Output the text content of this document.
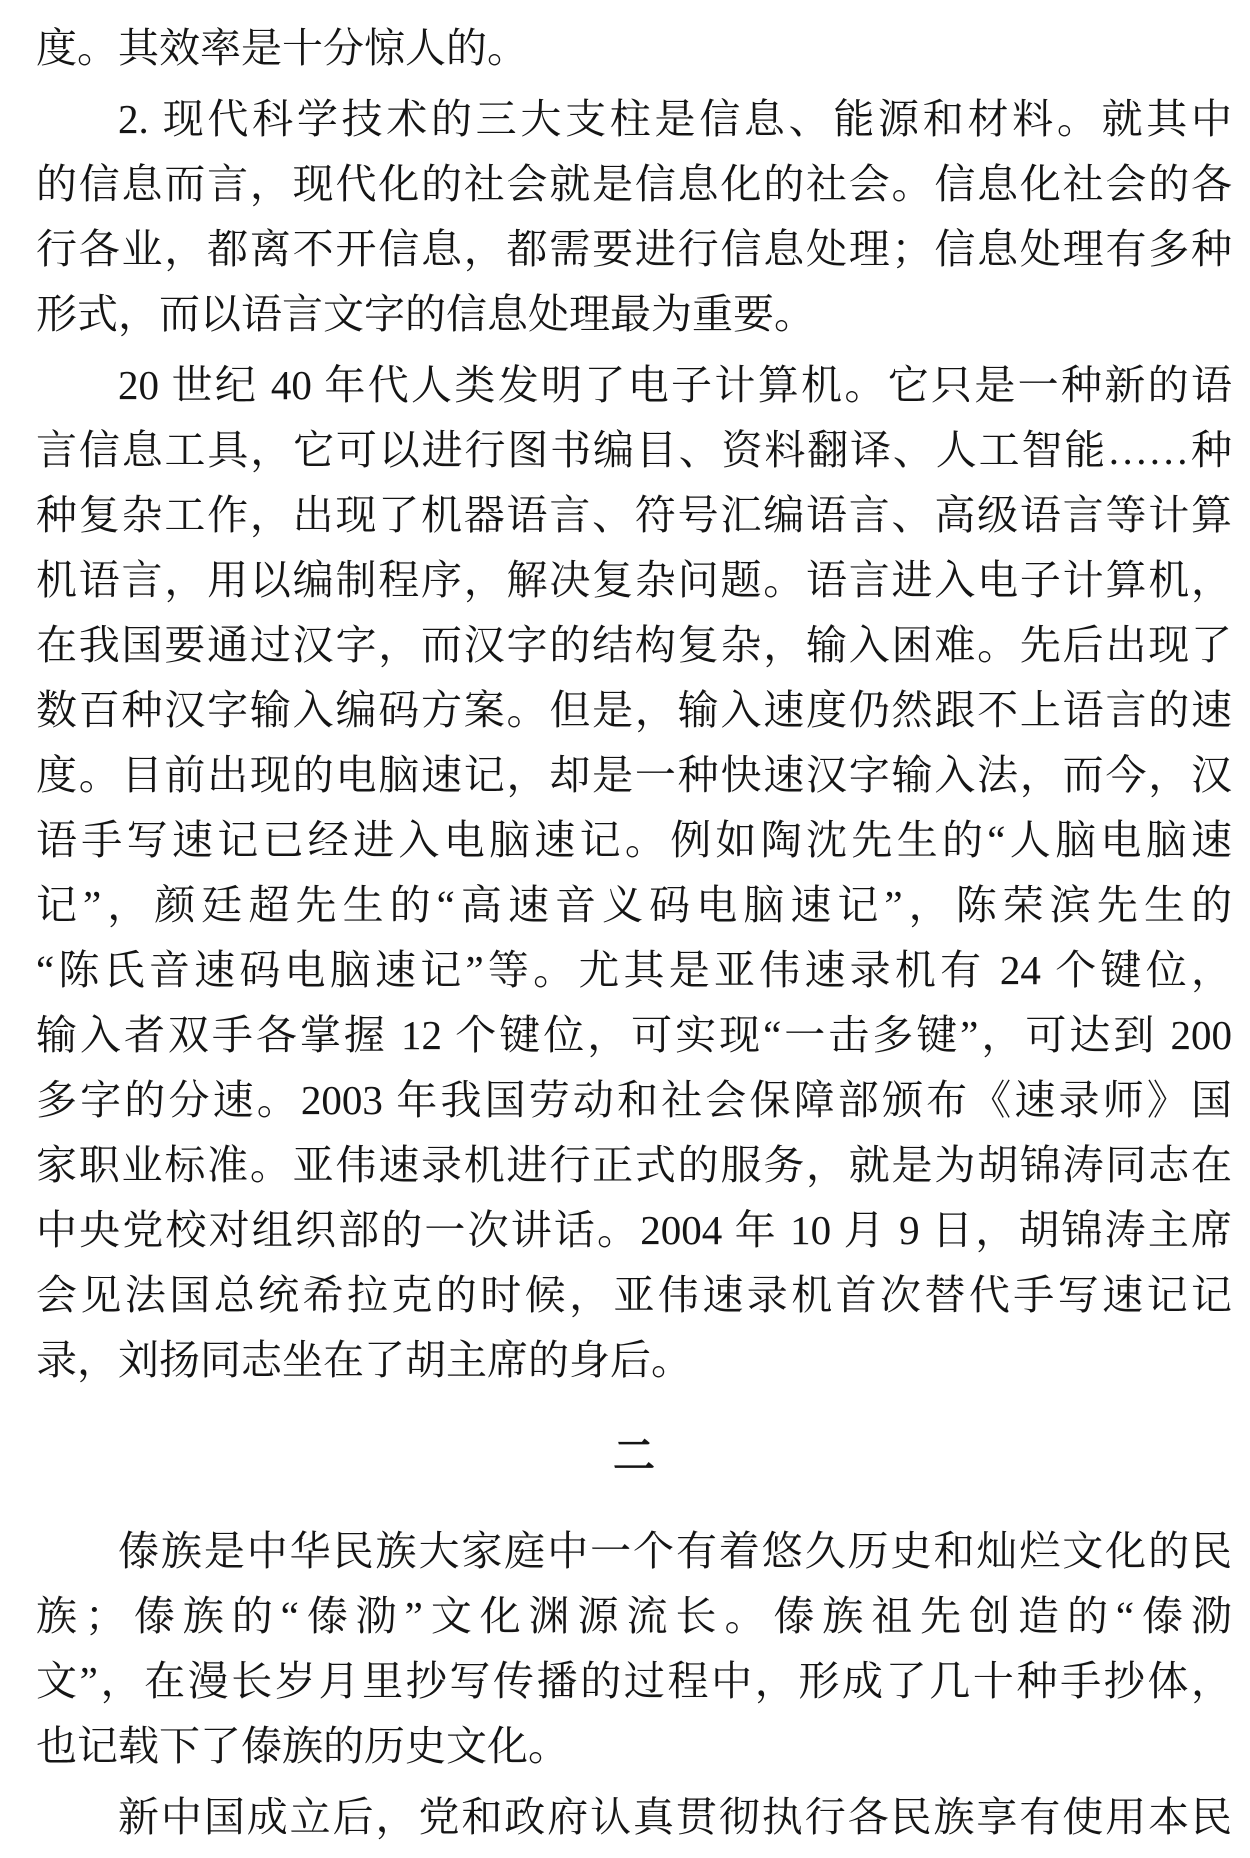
度。其效率是十分惊人的。
2. 现代科学技术的三大支柱是信息、能源和材料。就其中
的信息而言，现代化的社会就是信息化的社会。信息化社会的各
行各业，都离不开信息，都需要进行信息处理；信息处理有多种
形式，而以语言文字的信息处理最为重要。
20 世纪 40 年代人类发明了电子计算机。它只是一种新的语
言信息工具，它可以进行图书编目、资料翻译、人工智能……种
种复杂工作，出现了机器语言、符号汇编语言、高级语言等计算
机语言，用以编制程序，解决复杂问题。语言进入电子计算机，
在我国要通过汉字，而汉字的结构复杂，输入困难。先后出现了
数百种汉字输入编码方案。但是，输入速度仍然跟不上语言的速
度。目前出现的电脑速记，却是一种快速汉字输入法，而今，汉
语手写速记已经进入电脑速记。例如陶沈先生的“人脑电脑速
记”，颜廷超先生的“高速音义码电脑速记”，陈荣滨先生的
“陈氏音速码电脑速记”等。尤其是亚伟速录机有 24 个键位，
输入者双手各掌握 12 个键位，可实现“一击多键”，可达到 200
多字的分速。2003 年我国劳动和社会保障部颁布《速录师》国
家职业标准。亚伟速录机进行正式的服务，就是为胡锦涛同志在
中央党校对组织部的一次讲话。2004 年 10 月 9 日，胡锦涛主席
会见法国总统希拉克的时候，亚伟速录机首次替代手写速记记
录，刘扬同志坐在了胡主席的身后。
二
傣族是中华民族大家庭中一个有着悠久历史和灿烂文化的民
族；傣族的“傣泐”文化渊源流长。傣族祖先创造的“傣泐
文”，在漫长岁月里抄写传播的过程中，形成了几十种手抄体，
也记载下了傣族的历史文化。
新中国成立后，党和政府认真贯彻执行各民族享有使用本民
